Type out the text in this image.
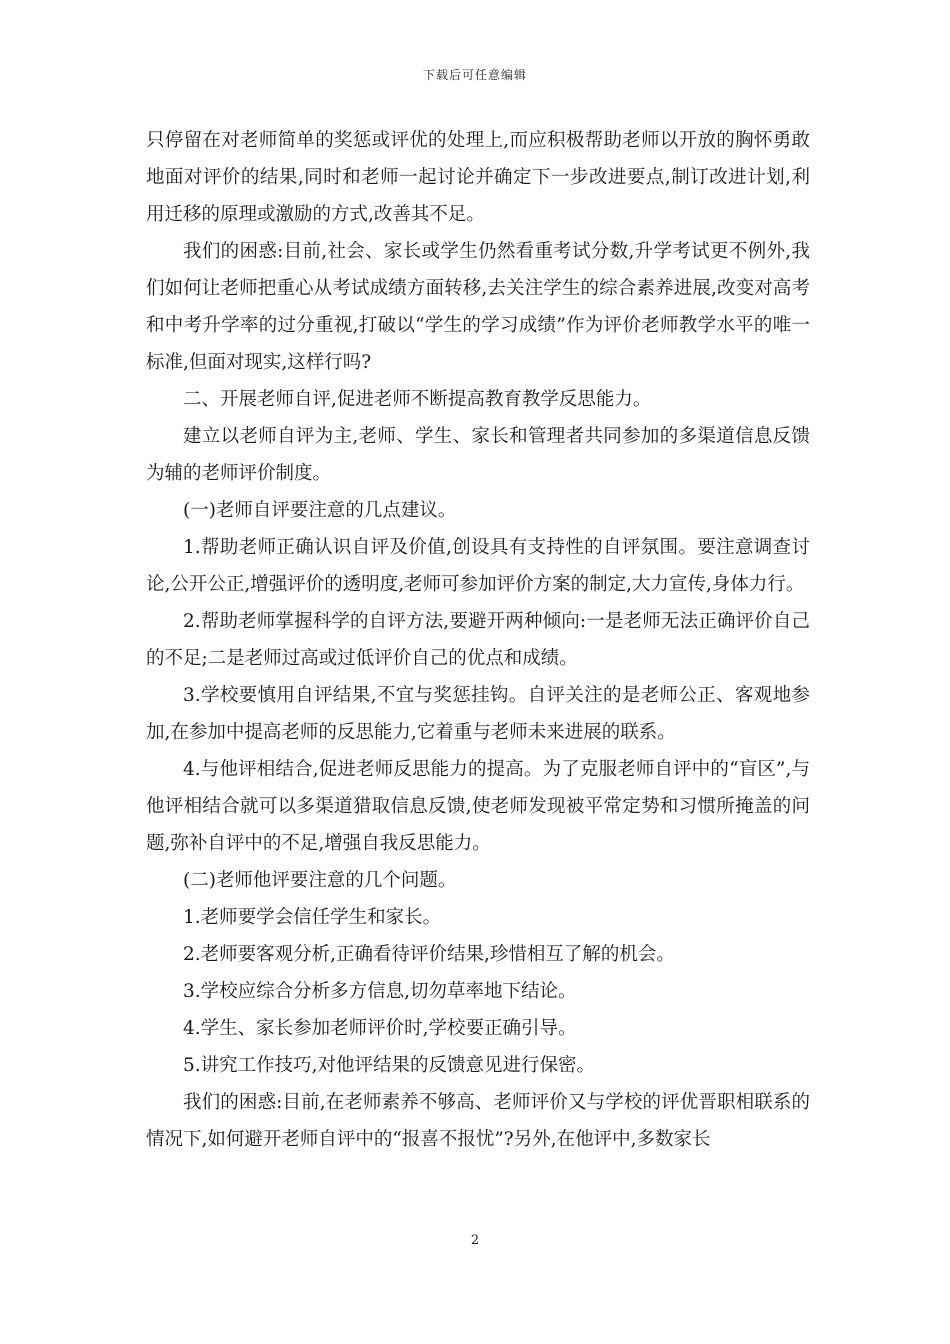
下载后可任意编辑

只停留在对老师简单的奖惩或评优的处理上,而应积极帮助老师以开放的胸怀勇敢地面对评价的结果,同时和老师一起讨论并确定下一步改进要点,制订改进计划,利用迁移的原理或激励的方式,改善其不足。

我们的困惑:目前,社会、家长或学生仍然看重考试分数,升学考试更不例外,我们如何让老师把重心从考试成绩方面转移,去关注学生的综合素养进展,改变对高考和中考升学率的过分重视,打破以“学生的学习成绩”作为评价老师教学水平的唯一标准,但面对现实,这样行吗?

二、开展老师自评,促进老师不断提高教育教学反思能力。

建立以老师自评为主,老师、学生、家长和管理者共同参加的多渠道信息反馈为辅的老师评价制度。

(一)老师自评要注意的几点建议。

1.帮助老师正确认识自评及价值,创设具有支持性的自评氛围。要注意调查讨论,公开公正,增强评价的透明度,老师可参加评价方案的制定,大力宣传,身体力行。

2.帮助老师掌握科学的自评方法,要避开两种倾向:一是老师无法正确评价自己的不足;二是老师过高或过低评价自己的优点和成绩。

3.学校要慎用自评结果,不宜与奖惩挂钩。自评关注的是老师公正、客观地参加,在参加中提高老师的反思能力,它着重与老师未来进展的联系。

4.与他评相结合,促进老师反思能力的提高。为了克服老师自评中的“盲区”,与他评相结合就可以多渠道猎取信息反馈,使老师发现被平常定势和习惯所掩盖的问题,弥补自评中的不足,增强自我反思能力。

(二)老师他评要注意的几个问题。

1.老师要学会信任学生和家长。

2.老师要客观分析,正确看待评价结果,珍惜相互了解的机会。

3.学校应综合分析多方信息,切勿草率地下结论。

4.学生、家长参加老师评价时,学校要正确引导。

5.讲究工作技巧,对他评结果的反馈意见进行保密。

我们的困惑:目前,在老师素养不够高、老师评价又与学校的评优晋职相联系的情况下,如何避开老师自评中的“报喜不报忧”?另外,在他评中,多数家长

2
